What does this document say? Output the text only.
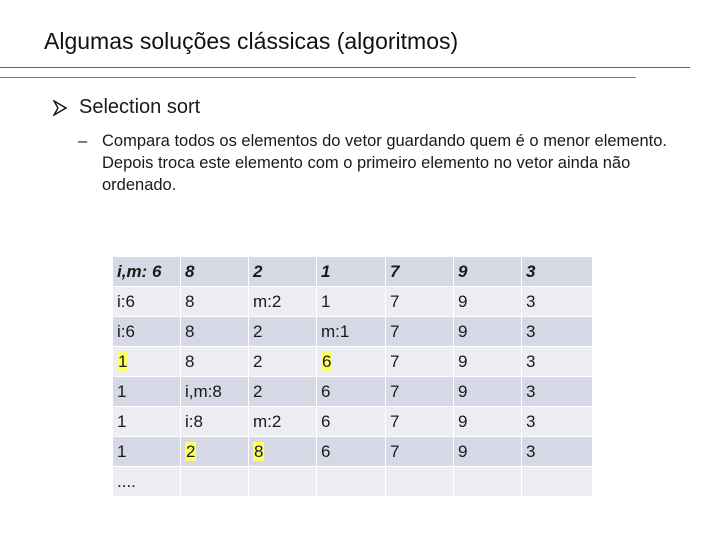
Algumas soluções clássicas (algoritmos)
Selection sort
– Compara todos os elementos do vetor guardando quem é o menor elemento. Depois troca este elemento com o primeiro elemento no vetor ainda não ordenado.
i,m: 6	8	2	1	7	9	3
i:6	8	m:2	1	7	9	3
i:6	8	2	m:1	7	9	3
1	8	2	6	7	9	3
1	i,m:8	2	6	7	9	3
1	i:8	m:2	6	7	9	3
1	2	8	6	7	9	3
....						
